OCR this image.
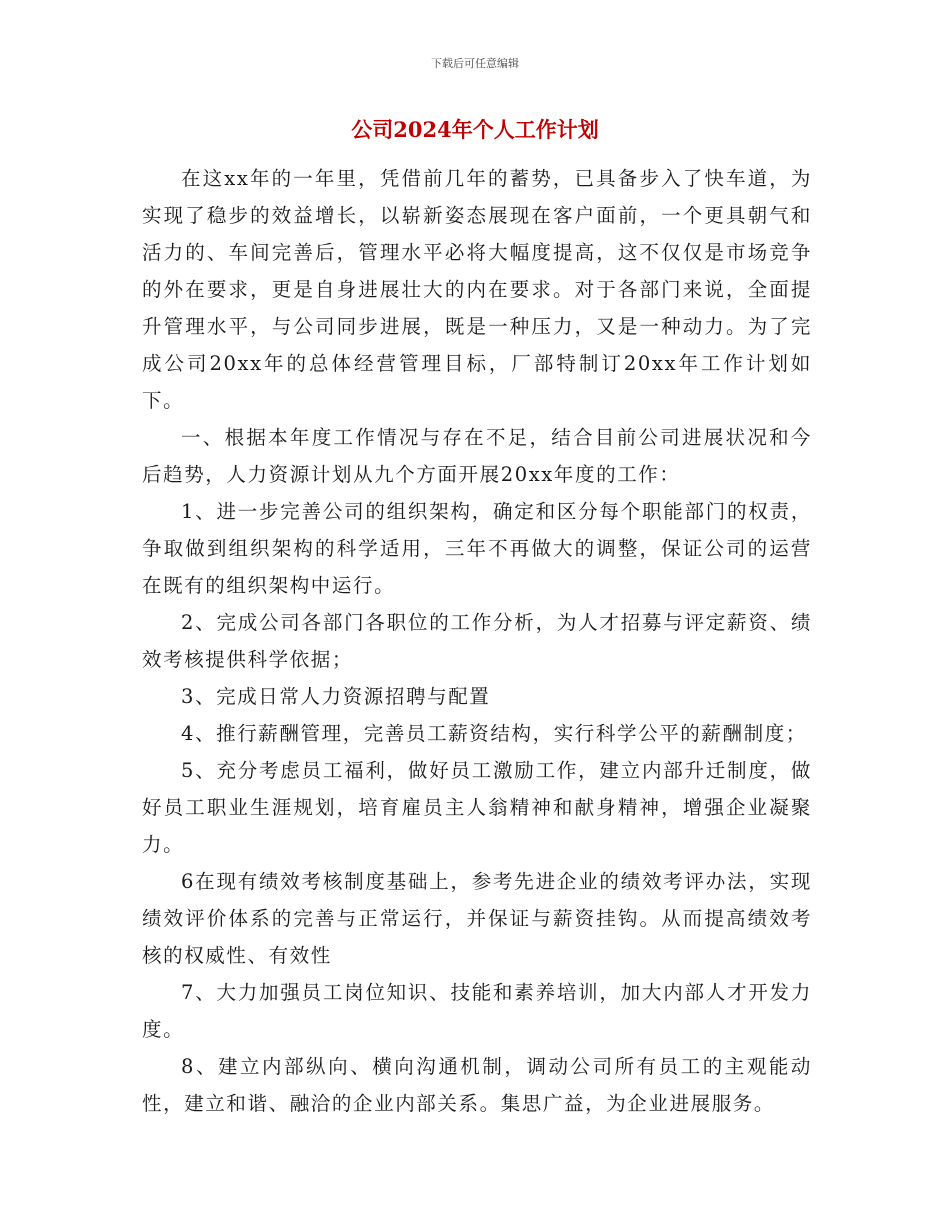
下载后可任意编辑
公司2024年个人工作计划

在这xx年的一年里，凭借前几年的蓄势，已具备步入了快车道，为实现了稳步的效益增长，以崭新姿态展现在客户面前，一个更具朝气和活力的、车间完善后，管理水平必将大幅度提高，这不仅仅是市场竞争的外在要求，更是自身进展壮大的内在要求。对于各部门来说，全面提升管理水平，与公司同步进展，既是一种压力，又是一种动力。为了完成公司20xx年的总体经营管理目标，厂部特制订20xx年工作计划如下。

一、根据本年度工作情况与存在不足，结合目前公司进展状况和今后趋势，人力资源计划从九个方面开展20xx年度的工作：

1、进一步完善公司的组织架构，确定和区分每个职能部门的权责，争取做到组织架构的科学适用，三年不再做大的调整，保证公司的运营在既有的组织架构中运行。

2、完成公司各部门各职位的工作分析，为人才招募与评定薪资、绩效考核提供科学依据；

3、完成日常人力资源招聘与配置

4、推行薪酬管理，完善员工薪资结构，实行科学公平的薪酬制度；

5、充分考虑员工福利，做好员工激励工作，建立内部升迁制度，做好员工职业生涯规划，培育雇员主人翁精神和献身精神，增强企业凝聚力。

6在现有绩效考核制度基础上，参考先进企业的绩效考评办法，实现绩效评价体系的完善与正常运行，并保证与薪资挂钩。从而提高绩效考核的权威性、有效性

7、大力加强员工岗位知识、技能和素养培训，加大内部人才开发力度。

8、建立内部纵向、横向沟通机制，调动公司所有员工的主观能动性，建立和谐、融洽的企业内部关系。集思广益，为企业进展服务。
